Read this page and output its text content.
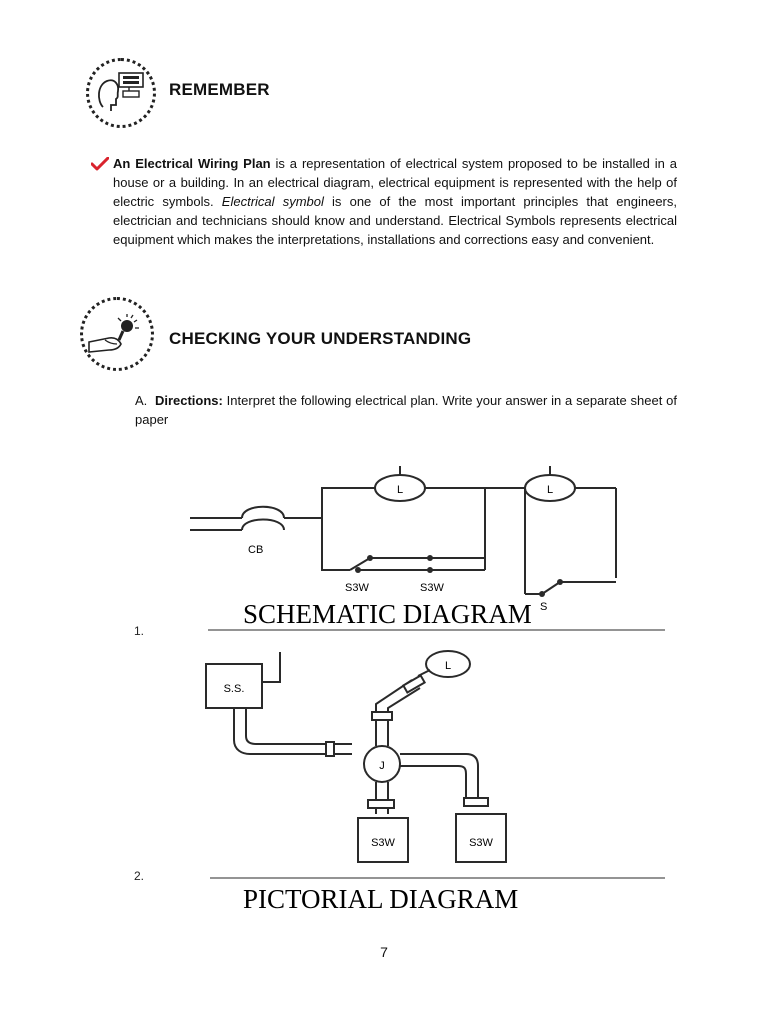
REMEMBER
An Electrical Wiring Plan is a representation of electrical system proposed to be installed in a house or a building. In an electrical diagram, electrical equipment is represented with the help of electric symbols. Electrical symbol is one of the most important principles that engineers, electrician and technicians should know and understand. Electrical Symbols represents electrical equipment which makes the interpretations, installations and corrections easy and convenient.
CHECKING YOUR UNDERSTANDING
A. Directions: Interpret the following electrical plan. Write your answer in a separate sheet of paper
L	L
CB
S3W	S3W
S
1.
SCHEMATIC DIAGRAM
S.S.
L
J
S3W	S3W
2.
PICTORIAL DIAGRAM
7
